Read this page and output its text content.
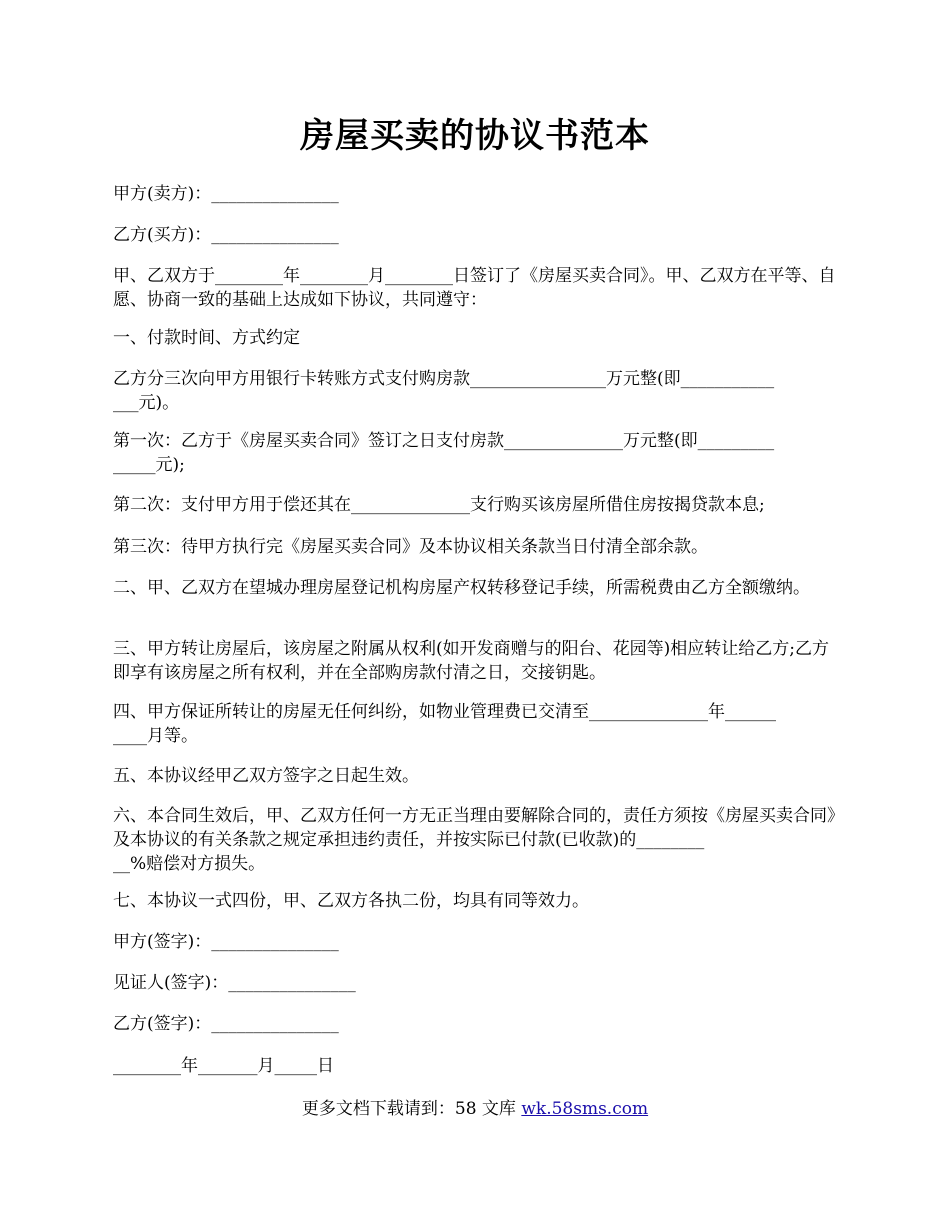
房屋买卖的协议书范本
甲方(卖方)：_______________
乙方(买方)：_______________
甲、乙双方于________年________月________日签订了《房屋买卖合同》。甲、乙双方在平等、自愿、协商一致的基础上达成如下协议，共同遵守：
一、付款时间、方式约定
乙方分三次向甲方用银行卡转账方式支付购房款________________万元整(即___________
___元)。
第一次：乙方于《房屋买卖合同》签订之日支付房款______________万元整(即_________
_____元);
第二次：支付甲方用于偿还其在______________支行购买该房屋所借住房按揭贷款本息;
第三次：待甲方执行完《房屋买卖合同》及本协议相关条款当日付清全部余款。
二、甲、乙双方在望城办理房屋登记机构房屋产权转移登记手续，所需税费由乙方全额缴纳。
三、甲方转让房屋后，该房屋之附属从权利(如开发商赠与的阳台、花园等)相应转让给乙方;乙方即享有该房屋之所有权利，并在全部购房款付清之日，交接钥匙。
四、甲方保证所转让的房屋无任何纠纷，如物业管理费已交清至______________年______
____月等。
五、本协议经甲乙双方签字之日起生效。
六、本合同生效后，甲、乙双方任何一方无正当理由要解除合同的，责任方须按《房屋买卖合同》及本协议的有关条款之规定承担违约责任，并按实际已付款(已收款)的________
__%赔偿对方损失。
七、本协议一式四份，甲、乙双方各执二份，均具有同等效力。
甲方(签字)：_______________
见证人(签字)：_______________
乙方(签字)：_______________
________年_______月_____日
更多文档下载请到：58 文库 wk.58sms.com
